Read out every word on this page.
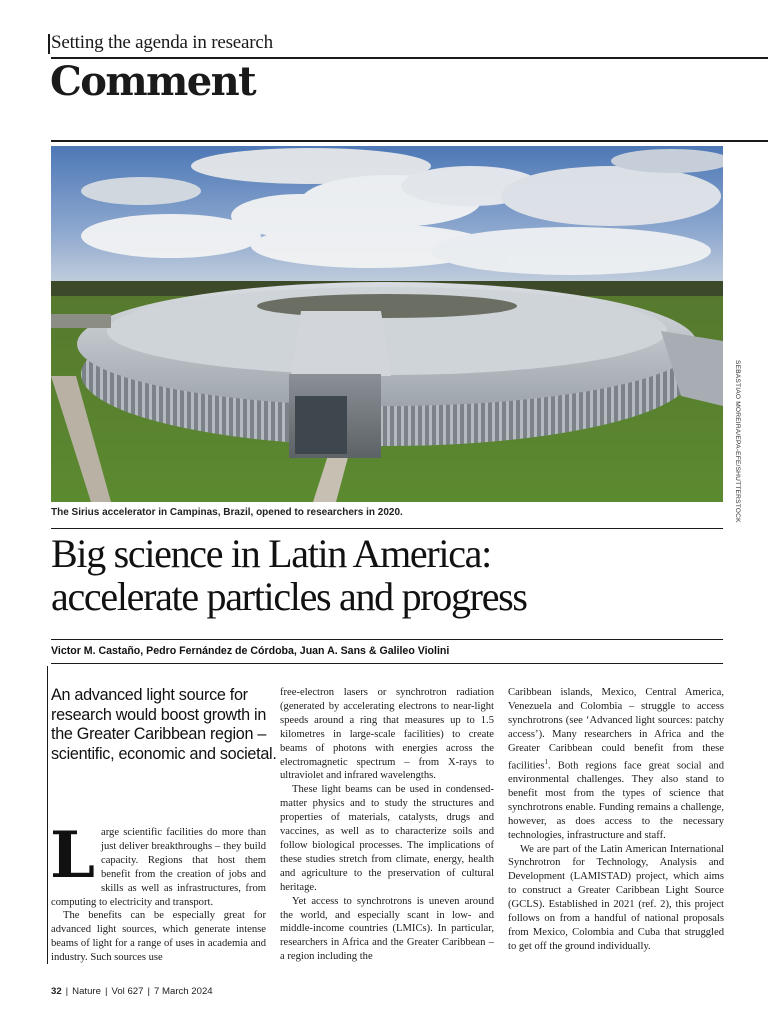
Setting the agenda in research
Comment
SEBASTIAO MOREIRA/EPA-EFE/SHUTTERSTOCK
The Sirius accelerator in Campinas, Brazil, opened to researchers in 2020.
Big science in Latin America:
accelerate particles and progress
Victor M. Castaño, Pedro Fernández de Córdoba, Juan A. Sans & Galileo Violini
An advanced light source for research would boost growth in the Greater Caribbean region – scientific, economic and societal.
L arge scientific facilities do more than just deliver breakthroughs – they build capacity. Regions that host them benefit from the creation of jobs and skills as well as infrastructures, from computing to electricity and transport.

The benefits can be especially great for advanced light sources, which generate intense beams of light for a range of uses in academia and industry. Such sources use

free-electron lasers or synchrotron radiation (generated by accelerating electrons to near-light speeds around a ring that measures up to 1.5 kilometres in large-scale facilities) to create beams of photons with energies across the electromagnetic spectrum – from X-rays to ultraviolet and infrared wavelengths.

These light beams can be used in condensed-matter physics and to study the structures and properties of materials, catalysts, drugs and vaccines, as well as to characterize soils and follow biological processes. The implications of these studies stretch from climate, energy, health and agriculture to the preservation of cultural heritage.

Yet access to synchrotrons is uneven around the world, and especially scant in low- and middle-income countries (LMICs). In particular, researchers in Africa and the Greater Caribbean – a region including the

Caribbean islands, Mexico, Central America, Venezuela and Colombia – struggle to access synchrotrons (see ‘Advanced light sources: patchy access’). Many researchers in Africa and the Greater Caribbean could benefit from these facilities$^1$. Both regions face great social and environmental challenges. They also stand to benefit most from the types of science that synchrotrons enable. Funding remains a challenge, however, as does access to the necessary technologies, infrastructure and staff.

We are part of the Latin American International Synchrotron for Technology, Analysis and Development (LAMISTAD) project, which aims to construct a Greater Caribbean Light Source (GCLS). Established in 2021 (ref. 2), this project follows on from a handful of national proposals from Mexico, Colombia and Cuba that struggled to get off the ground individually.

32 | Nature | Vol 627 | 7 March 2024
